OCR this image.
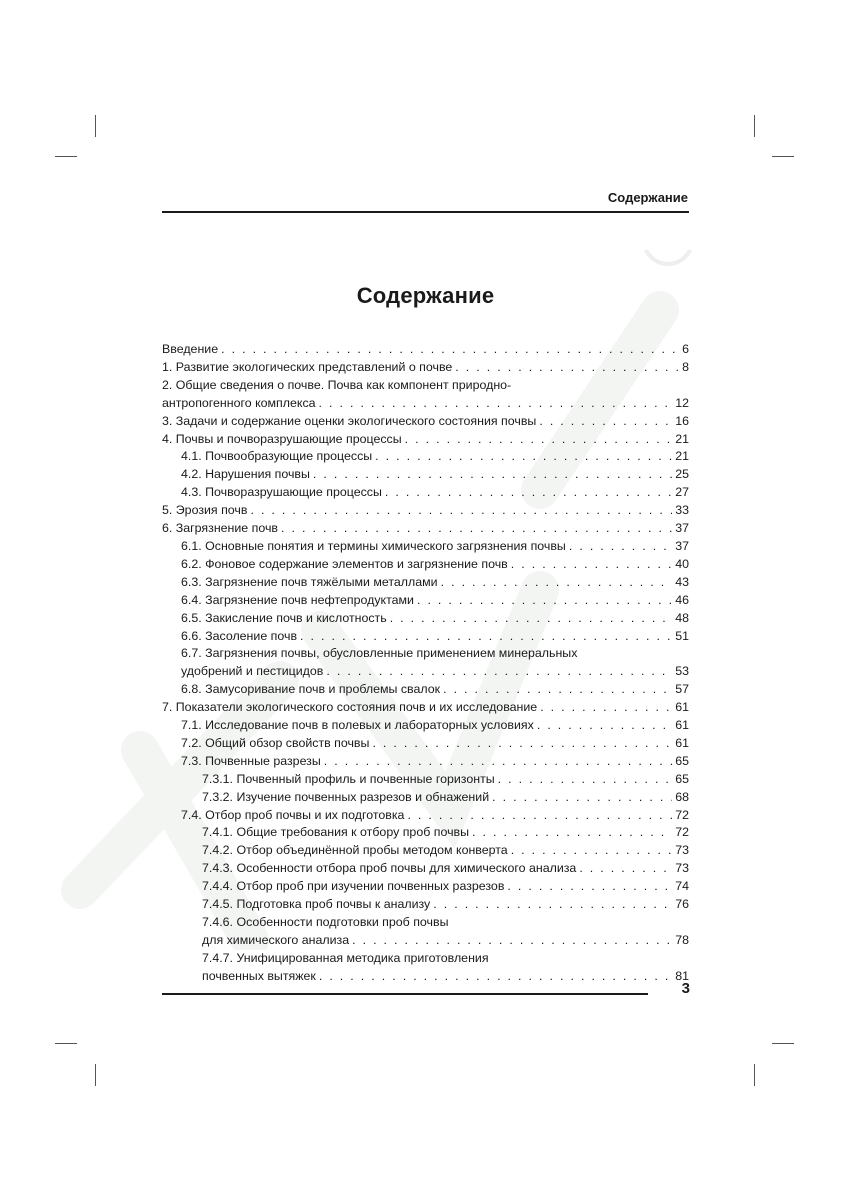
Содержание
Содержание
Введение . . .	6
1. Развитие экологических представлений о почве . . .	8
2. Общие сведения о почве. Почва как компонент природно-
антропогенного комплекса . . .	12
3. Задачи и содержание оценки экологического состояния почвы . . .	16
4. Почвы и почворазрушающие процессы . . .	21
4.1. Почвообразующие процессы . . .	21
4.2. Нарушения почвы . . .	25
4.3. Почворазрушающие процессы . . .	27
5. Эрозия почв . . .	33
6. Загрязнение почв . . .	37
6.1. Основные понятия и термины химического загрязнения почвы . . .	37
6.2. Фоновое содержание элементов и загрязнение почв . . .	40
6.3. Загрязнение почв тяжёлыми металлами . . .	43
6.4. Загрязнение почв нефтепродуктами . . .	46
6.5. Закисление почв и кислотность . . .	48
6.6. Засоление почв . . .	51
6.7. Загрязнения почвы, обусловленные применением минеральных
удобрений и пестицидов . . .	53
6.8. Замусоривание почв и проблемы свалок . . .	57
7. Показатели экологического состояния почв и их исследование . . .	61
7.1. Исследование почв в полевых и лабораторных условиях . . .	61
7.2. Общий обзор свойств почвы . . .	61
7.3. Почвенные разрезы . . .	65
7.3.1. Почвенный профиль и почвенные горизонты . . .	65
7.3.2. Изучение почвенных разрезов и обнажений . . .	68
7.4. Отбор проб почвы и их подготовка . . .	72
7.4.1. Общие требования к отбору проб почвы . . .	72
7.4.2. Отбор объединённой пробы методом конверта . . .	73
7.4.3. Особенности отбора проб почвы для химического анализа . . .	73
7.4.4. Отбор проб при изучении почвенных разрезов . . .	74
7.4.5. Подготовка проб почвы к анализу . . .	76
7.4.6. Особенности подготовки проб почвы
для химического анализа . . .	78
7.4.7. Унифицированная методика приготовления
почвенных вытяжек . . .	81
3
